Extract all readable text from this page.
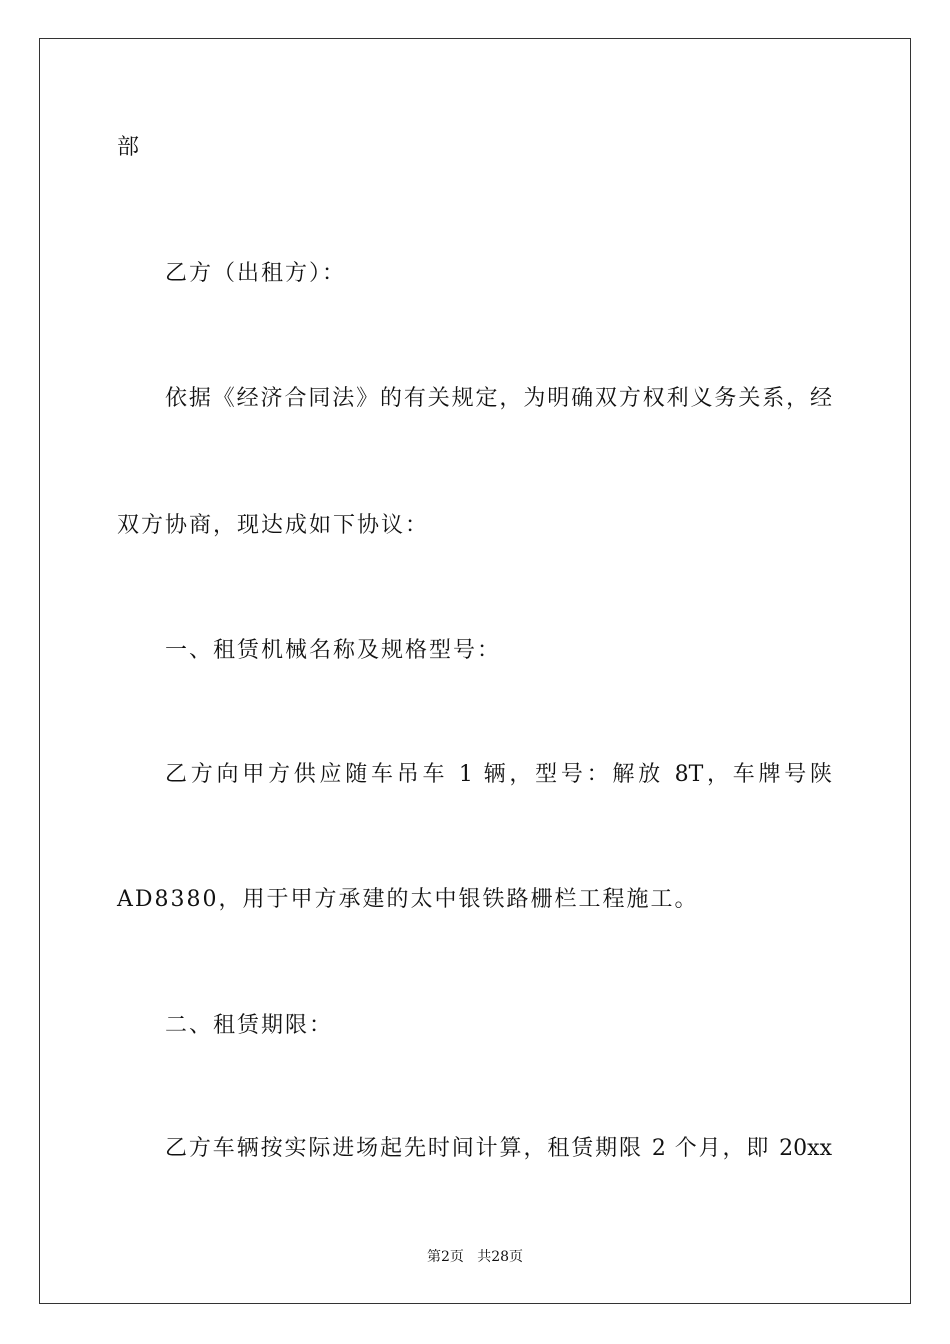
部
乙方（出租方）：
依据《经济合同法》的有关规定，为明确双方权利义务关系，经
双方协商，现达成如下协议：
一、租赁机械名称及规格型号：
乙方向甲方供应随车吊车 1 辆，型号：解放 8T，车牌号陕
AD8380，用于甲方承建的太中银铁路栅栏工程施工。
二、租赁期限：
乙方车辆按实际进场起先时间计算，租赁期限 2 个月，即 20xx
第2页   共28页
